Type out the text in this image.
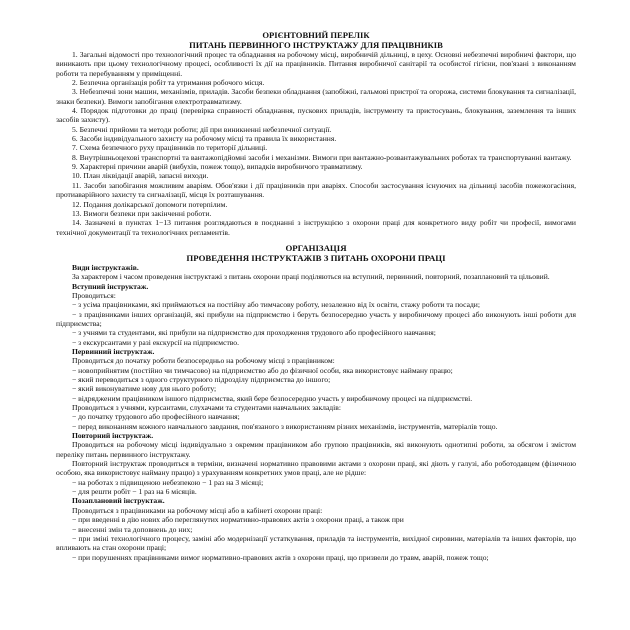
ОРІЄНТОВНИЙ ПЕРЕЛІК
ПИТАНЬ ПЕРВИННОГО ІНСТРУКТАЖУ ДЛЯ ПРАЦІВНИКІВ
1. Загальні відомості про технологічний процес та обладнання на робочому місці, виробничій дільниці, в цеху. Основні небезпечні виробничі фактори, що виникають при цьому технологічному процесі, особливості їх дії на працівників. Питання виробничої санітарії та особистої гігієни, пов'язані з виконанням роботи та перебуванням у приміщенні.
2. Безпечна організація робіт та утримання робочого місця.
3. Небезпечні зони машин, механізмів, приладів. Засоби безпеки обладнання (запобіжні, гальмові пристрої та огорожа, системи блокування та сигналізації, знаки безпеки). Вимоги запобігання електротравматизму.
4. Порядок підготовки до праці (перевірка справності обладнання, пускових приладів, інструменту та пристосувань, блокування, заземлення та інших засобів захисту).
5. Безпечні прийоми та методи роботи; дії при виникненні небезпечної ситуації.
6. Засоби індивідуального захисту на робочому місці та правила їх використання.
7. Схема безпечного руху працівників по території дільниці.
8. Внутрішньоцехові транспортні та вантажопідйомні засоби і механізми. Вимоги при вантажно-розвантажувальних роботах та транспортуванні вантажу.
9. Характерні причини аварій (вибухів, пожеж тощо), випадків виробничого травматизму.
10. План ліквідації аварій, запасні виходи.
11. Засоби запобігання можливим аваріям. Обов'язки і дії працівників при аваріях. Способи застосування існуючих на дільниці засобів пожежогасіння, протиаварійного захисту та сигналізації, місця їх розташування.
12. Подання долікарської допомоги потерпілим.
13. Вимоги безпеки при закінченні роботи.
14. Зазначені в пунктах 1−13 питання розглядаються в поєднанні з інструкцією з охорони праці для конкретного виду робіт чи професії, вимогами технічної документації та технологічних регламентів.
ОРГАНІЗАЦІЯ
ПРОВЕДЕННЯ ІНСТРУКТАЖІВ З ПИТАНЬ ОХОРОНИ ПРАЦІ

Види інструктажів.

За характером і часом проведення інструктажі з питань охорони праці поділяються на вступний, первинний, повторний, позаплановий та цільовий.

Вступний інструктаж.

Проводиться:

− з усіма працівниками, які приймаються на постійну або тимчасову роботу, незалежно від їх освіти, стажу роботи та посади;

− з працівниками інших організацій, які прибули на підприємство і беруть безпосередню участь у виробничому процесі або виконують інші роботи для підприємства;

− з учнями та студентами, які прибули на підприємство для проходження трудового або професійного навчання;

− з екскурсантами у разі екскурсії на підприємство.

Первинний інструктаж.

Проводиться до початку роботи безпосередньо на робочому місці з працівником:

− новоприйнятим (постійно чи тимчасово) на підприємство або до фізичної особи, яка використовує найману працю;

− який переводиться з одного структурного підрозділу підприємства до іншого;

− який виконуватиме нову для нього роботу;

− відрядженим працівником іншого підприємства, який бере безпосередню участь у виробничому процесі на підприємстві.

Проводиться з учнями, курсантами, слухачами та студентами навчальних закладів:

− до початку трудового або професійного навчання;

− перед виконанням кожного навчального завдання, пов'язаного з використанням різних механізмів, інструментів, матеріалів тощо.

Повторний інструктаж.

Проводиться на робочому місці індивідуально з окремим працівником або групою працівників, які виконують однотипні роботи, за обсягом і змістом переліку питань первинного інструктажу.

Повторний інструктаж проводиться в терміни, визначені нормативно правовими актами з охорони праці, які діють у галузі, або роботодавцем (фізичною особою, яка використовує найману працю) з урахуванням конкретних умов праці, але не рідше:

− на роботах з підвищеною небезпекою − 1 раз на 3 місяці;

− для решти робіт − 1 раз на 6 місяців.

Позаплановий інструктаж.

Проводиться з працівниками на робочому місці або в кабінеті охорони праці:

− при введенні в дію нових або переглянутих нормативно-правових актів з охорони праці, а також при

− внесенні змін та доповнень до них;

− при зміні технологічного процесу, заміні або модернізації устаткування, приладів та інструментів, вихідної сировини, матеріалів та інших факторів, що впливають на стан охорони праці;

− при порушеннях працівниками вимог нормативно-правових актів з охорони праці, що призвели до травм, аварій, пожеж тощо;
